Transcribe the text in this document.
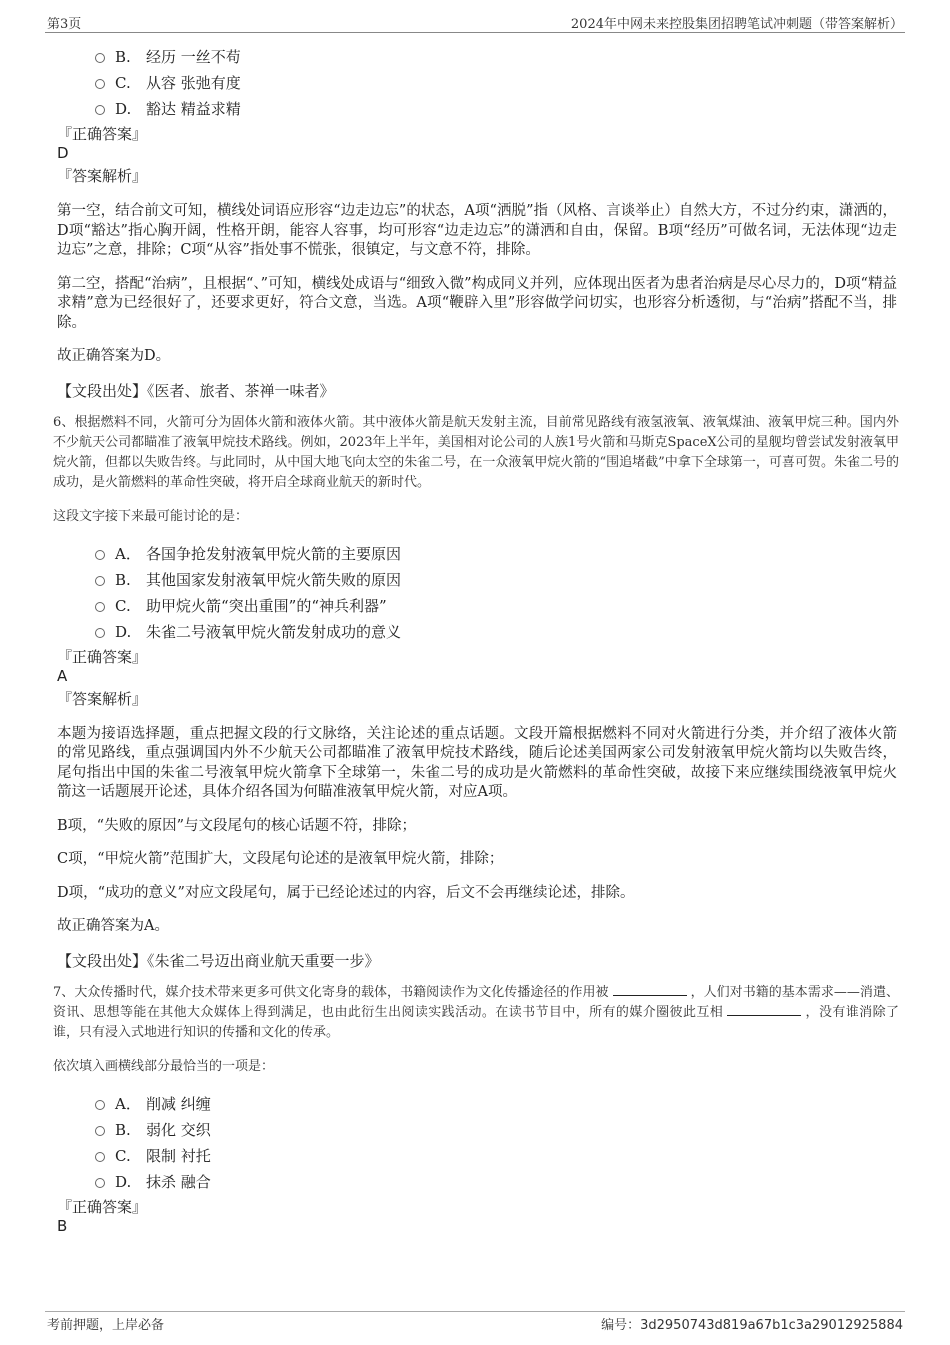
第3页	2024年中网未来控股集团招聘笔试冲刺题（带答案解析）
B. 经历 一丝不苟
C. 从容 张弛有度
D. 豁达 精益求精

『正确答案』

D

『答案解析』

第一空，结合前文可知，横线处词语应形容“边走边忘”的状态，A项“洒脱”指（风格、言谈举止）自然大方，不过分约束，潇洒的，D项“豁达”指心胸开阔，性格开朗，能容人容事，均可形容“边走边忘”的潇洒和自由，保留。B项“经历”可做名词，无法体现“边走边忘”之意，排除；C项“从容”指处事不慌张，很镇定，与文意不符，排除。

第二空，搭配“治病”，且根据“、”可知，横线处成语与“细致入微”构成同义并列，应体现出医者为患者治病是尽心尽力的，D项“精益求精”意为已经很好了，还要求更好，符合文意，当选。A项“鞭辟入里”形容做学问切实，也形容分析透彻，与“治病”搭配不当，排除。

故正确答案为D。

【文段出处】《医者、旅者、茶禅一味者》

6、根据燃料不同，火箭可分为固体火箭和液体火箭。其中液体火箭是航天发射主流，目前常见路线有液氢液氧、液氧煤油、液氧甲烷三种。国内外不少航天公司都瞄准了液氧甲烷技术路线。例如，2023年上半年，美国相对论公司的人族1号火箭和马斯克SpaceX公司的星舰均曾尝试发射液氧甲烷火箭，但都以失败告终。与此同时，从中国大地飞向太空的朱雀二号，在一众液氧甲烷火箭的“围追堵截”中拿下全球第一，可喜可贺。朱雀二号的成功，是火箭燃料的革命性突破，将开启全球商业航天的新时代。

这段文字接下来最可能讨论的是：

A． 各国争抢发射液氧甲烷火箭的主要原因
B. 其他国家发射液氧甲烷火箭失败的原因
C. 助甲烷火箭“突出重围”的“神兵利器”
D. 朱雀二号液氧甲烷火箭发射成功的意义

『正确答案』

A

『答案解析』

本题为接语选择题，重点把握文段的行文脉络，关注论述的重点话题。文段开篇根据燃料不同对火箭进行分类，并介绍了液体火箭的常见路线，重点强调国内外不少航天公司都瞄准了液氧甲烷技术路线，随后论述美国两家公司发射液氧甲烷火箭均以失败告终，尾句指出中国的朱雀二号液氧甲烷火箭拿下全球第一，朱雀二号的成功是火箭燃料的革命性突破，故接下来应继续围绕液氧甲烷火箭这一话题展开论述，具体介绍各国为何瞄准液氧甲烷火箭，对应A项。

B项，“失败的原因”与文段尾句的核心话题不符，排除；

C项，“甲烷火箭”范围扩大，文段尾句论述的是液氧甲烷火箭，排除；

D项，“成功的意义”对应文段尾句，属于已经论述过的内容，后文不会再继续论述，排除。

故正确答案为A。

【文段出处】《朱雀二号迈出商业航天重要一步》

7、大众传播时代，媒介技术带来更多可供文化寄身的载体，书籍阅读作为文化传播途径的作用被	，人们对书籍的基本需求——消遣、资讯、思想等能在其他大众媒体上得到满足，也由此衍生出阅读实践活动。在读书节目中，所有的媒介圈彼此互相	，没有谁消除了谁，只有浸入式地进行知识的传播和文化的传承。

依次填入画横线部分最恰当的一项是：

A． 削减 纠缠
B. 弱化 交织
C. 限制 衬托
D. 抹杀 融合

『正确答案』

B

考前押题，上岸必备	编号：3d2950743d819a67b1c3a29012925884
